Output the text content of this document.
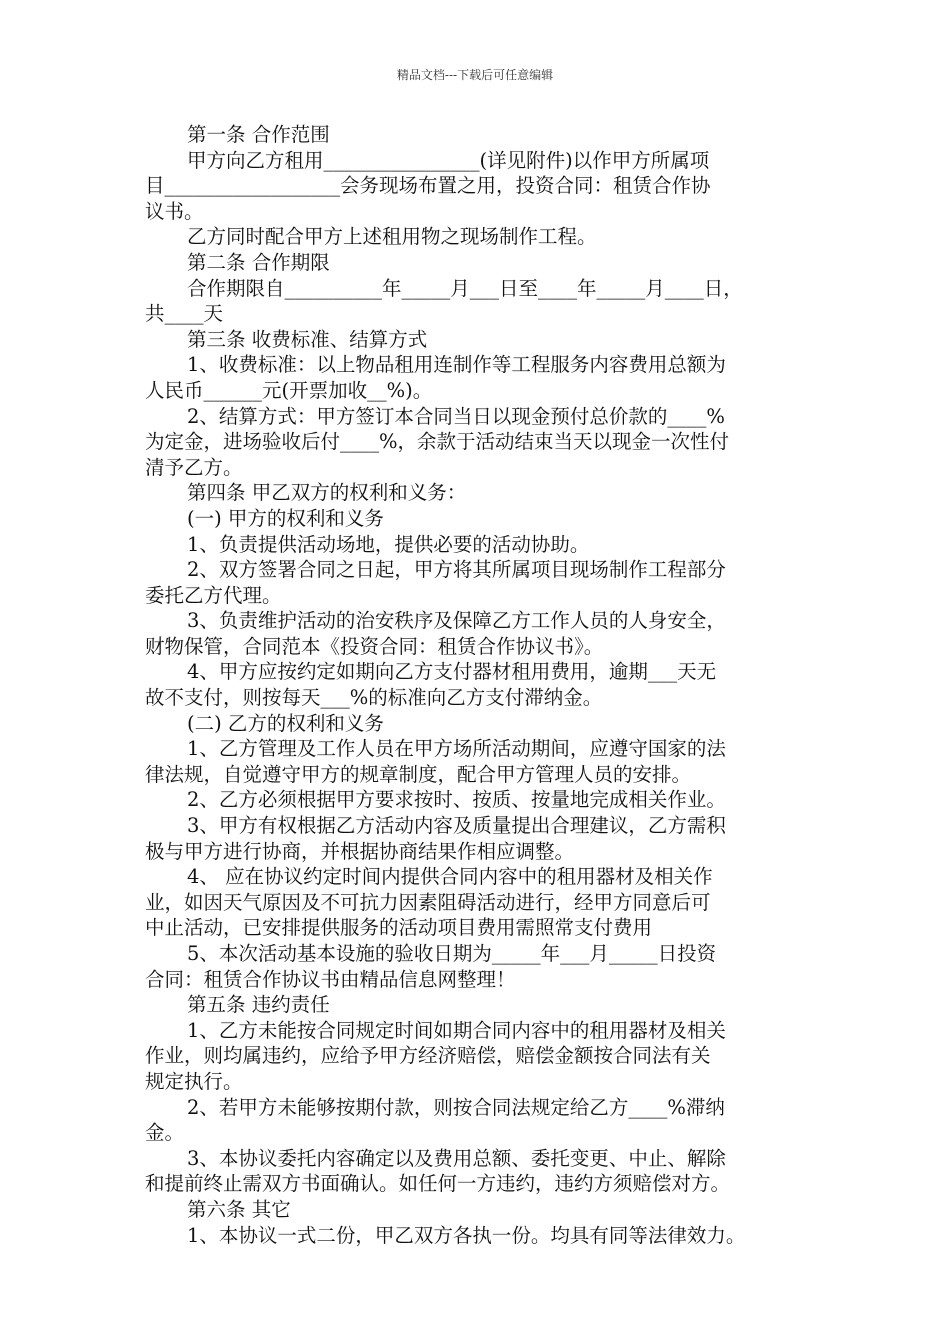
精品文档---下载后可任意编辑
第一条 合作范围
甲方向乙方租用________________(详见附件)以作甲方所属项
目__________________会务现场布置之用，投资合同：租赁合作协
议书。
乙方同时配合甲方上述租用物之现场制作工程。
第二条 合作期限
合作期限自__________年_____月___日至____年_____月____日，
共____天
第三条 收费标准、结算方式
1、收费标准：以上物品租用连制作等工程服务内容费用总额为
人民币______元(开票加收__%)。
2、结算方式：甲方签订本合同当日以现金预付总价款的____%
为定金，进场验收后付____%，余款于活动结束当天以现金一次性付
清予乙方。
第四条 甲乙双方的权利和义务：
(一) 甲方的权利和义务
1、负责提供活动场地，提供必要的活动协助。
2、双方签署合同之日起，甲方将其所属项目现场制作工程部分
委托乙方代理。
3、负责维护活动的治安秩序及保障乙方工作人员的人身安全，
财物保管，合同范本《投资合同：租赁合作协议书》。
4、甲方应按约定如期向乙方支付器材租用费用，逾期___天无
故不支付，则按每天___%的标准向乙方支付滞纳金。
(二) 乙方的权利和义务
1、乙方管理及工作人员在甲方场所活动期间，应遵守国家的法
律法规，自觉遵守甲方的规章制度，配合甲方管理人员的安排。
2、乙方必须根据甲方要求按时、按质、按量地完成相关作业。
3、甲方有权根据乙方活动内容及质量提出合理建议，乙方需积
极与甲方进行协商，并根据协商结果作相应调整。
4、 应在协议约定时间内提供合同内容中的租用器材及相关作
业，如因天气原因及不可抗力因素阻碍活动进行，经甲方同意后可
中止活动，已安排提供服务的活动项目费用需照常支付费用
5、本次活动基本设施的验收日期为_____年___月_____日投资
合同：租赁合作协议书由精品信息网整理！
第五条 违约责任
1、乙方未能按合同规定时间如期合同内容中的租用器材及相关
作业，则均属违约，应给予甲方经济赔偿，赔偿金额按合同法有关
规定执行。
2、若甲方未能够按期付款，则按合同法规定给乙方____%滞纳
金。
3、本协议委托内容确定以及费用总额、委托变更、中止、解除
和提前终止需双方书面确认。如任何一方违约，违约方须赔偿对方。
第六条 其它
1、本协议一式二份，甲乙双方各执一份。均具有同等法律效力。
